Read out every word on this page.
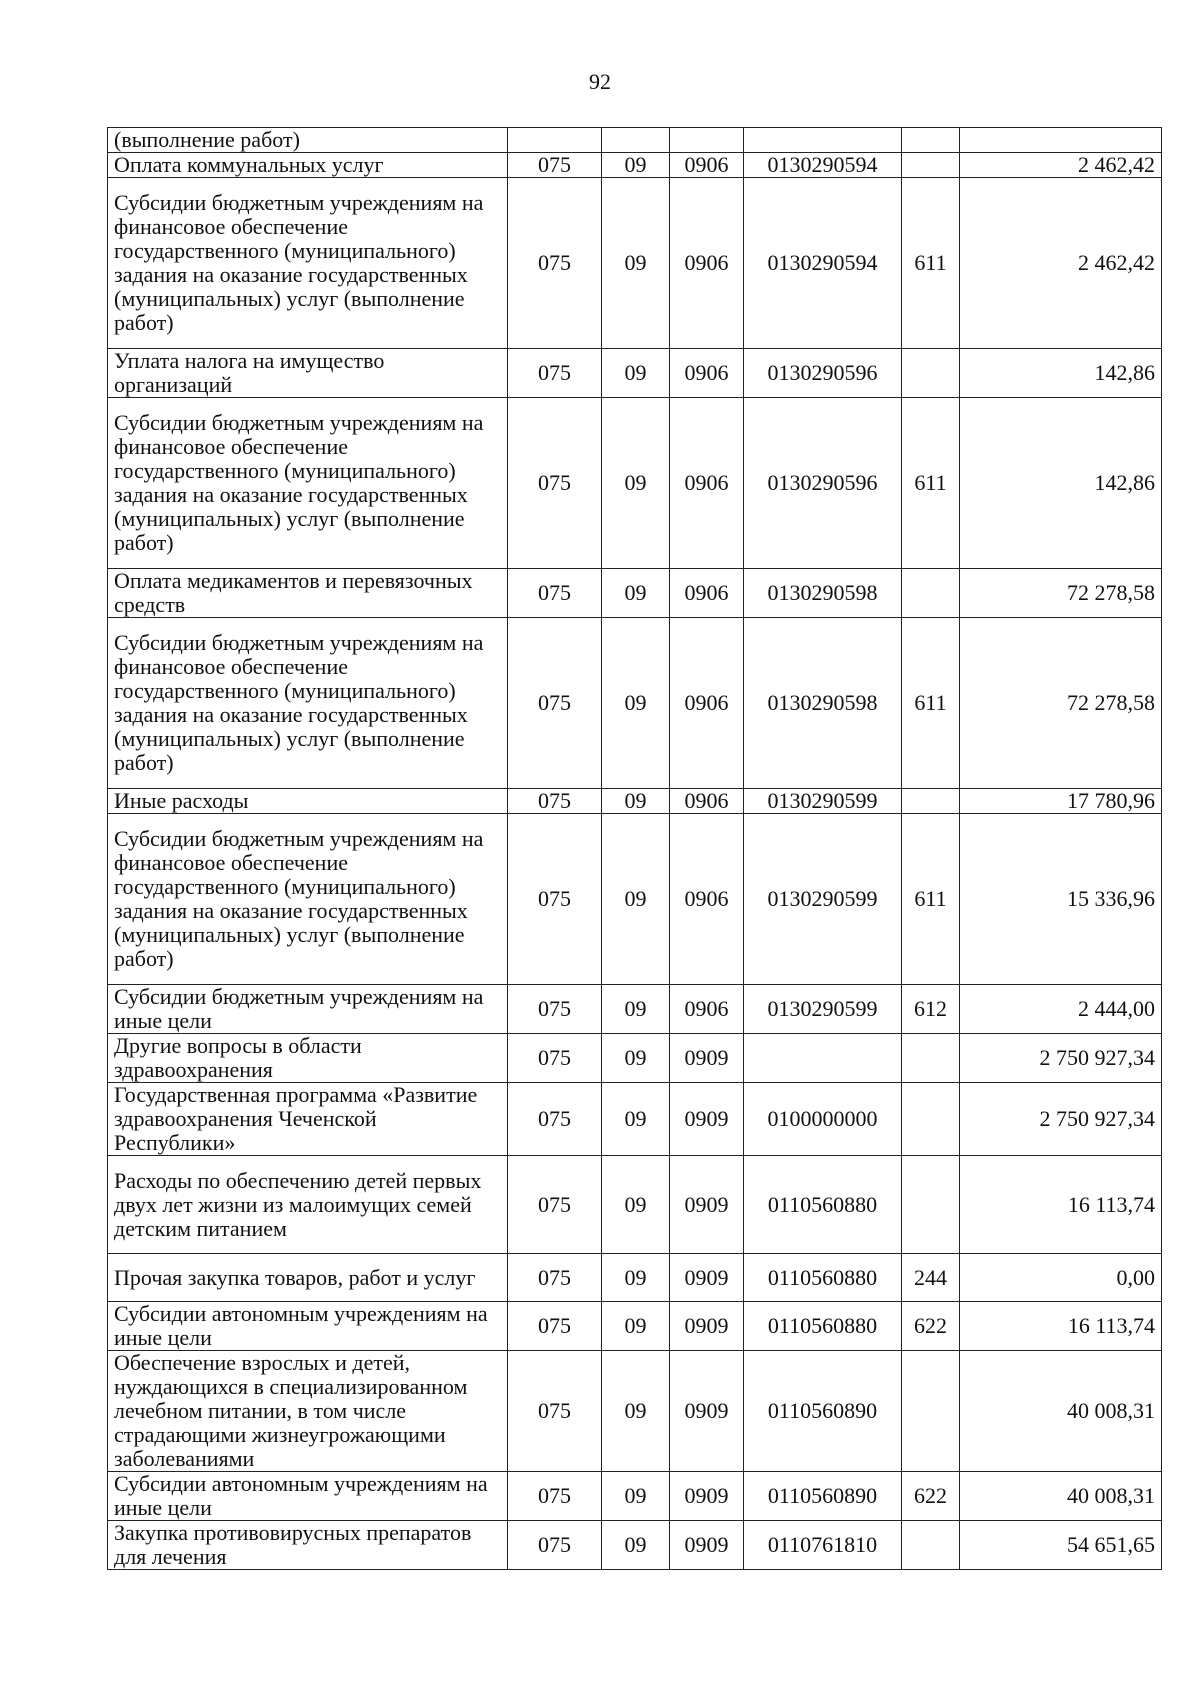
92
(выполнение работ)						
Оплата коммунальных услуг	075	09	0906	0130290594		2 462,42
Субсидии бюджетным учреждениям на финансовое обеспечение государственного (муниципального) задания на оказание государственных (муниципальных) услуг (выполнение работ)	075	09	0906	0130290594	611	2 462,42
Уплата налога на имущество организаций	075	09	0906	0130290596		142,86
Субсидии бюджетным учреждениям на финансовое обеспечение государственного (муниципального) задания на оказание государственных (муниципальных) услуг (выполнение работ)	075	09	0906	0130290596	611	142,86
Оплата медикаментов и перевязочных средств	075	09	0906	0130290598		72 278,58
Субсидии бюджетным учреждениям на финансовое обеспечение государственного (муниципального) задания на оказание государственных (муниципальных) услуг (выполнение работ)	075	09	0906	0130290598	611	72 278,58
Иные расходы	075	09	0906	0130290599		17 780,96
Субсидии бюджетным учреждениям на финансовое обеспечение государственного (муниципального) задания на оказание государственных (муниципальных) услуг (выполнение работ)	075	09	0906	0130290599	611	15 336,96
Субсидии бюджетным учреждениям на иные цели	075	09	0906	0130290599	612	2 444,00
Другие вопросы в области здравоохранения	075	09	0909			2 750 927,34
Государственная программа «Развитие здравоохранения Чеченской Республики»	075	09	0909	0100000000		2 750 927,34
Расходы по обеспечению детей первых двух лет жизни из малоимущих семей детским питанием	075	09	0909	0110560880		16 113,74
Прочая закупка товаров, работ и услуг	075	09	0909	0110560880	244	0,00
Субсидии автономным учреждениям на иные цели	075	09	0909	0110560880	622	16 113,74
Обеспечение взрослых и детей, нуждающихся в специализированном лечебном питании, в том числе страдающими жизнеугрожающими заболеваниями	075	09	0909	0110560890		40 008,31
Субсидии автономным учреждениям на иные цели	075	09	0909	0110560890	622	40 008,31
Закупка противовирусных препаратов для лечения	075	09	0909	0110761810		54 651,65
